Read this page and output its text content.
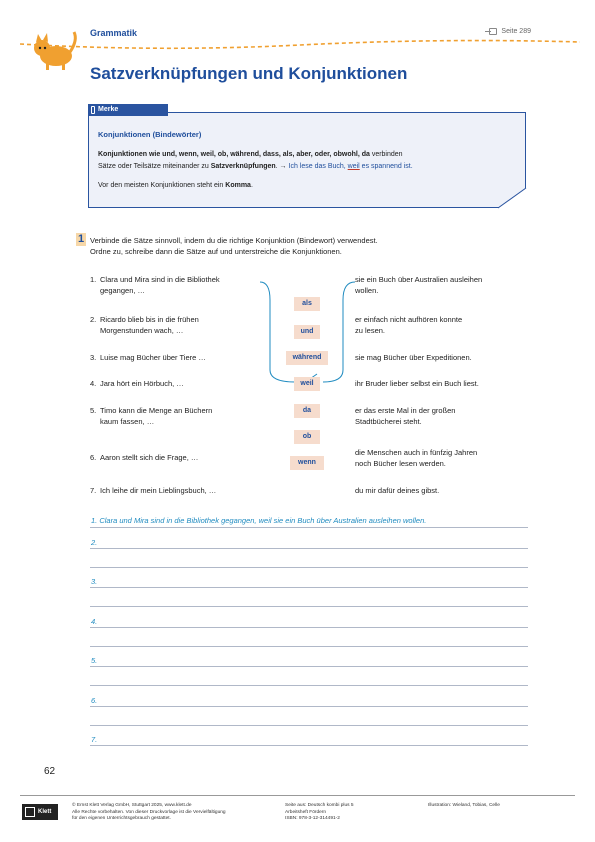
Grammatik	Seite 289
Satzverknüpfungen und Konjunktionen
Merke
Konjunktionen (Bindewörter)
Konjunktionen wie und, wenn, weil, ob, während, dass, als, aber, oder, obwohl, da verbinden
Sätze oder Teilsätze miteinander zu Satzverknüpfungen. → Ich lese das Buch, weil es spannend ist.
Vor den meisten Konjunktionen steht ein Komma.
1 Verbinde die Sätze sinnvoll, indem du die richtige Konjunktion (Bindewort) verwendest.
Ordne zu, schreibe dann die Sätze auf und unterstreiche die Konjunktionen.
1. Clara und Mira sind in die Bibliothek
gegangen, …
2. Ricardo blieb bis in die frühen
Morgenstunden wach, …
3. Luise mag Bücher über Tiere …
4. Jara hört ein Hörbuch, …
5. Timo kann die Menge an Büchern
kaum fassen, …
6. Aaron stellt sich die Frage, …
7. Ich leihe dir mein Lieblingsbuch, …
als
und
während
weil
da
ob
wenn
sie ein Buch über Australien ausleihen
wollen.
er einfach nicht aufhören konnte
zu lesen.
sie mag Bücher über Expeditionen.
ihr Bruder lieber selbst ein Buch liest.
er das erste Mal in der großen
Stadtbücherei steht.
die Menschen auch in fünfzig Jahren
noch Bücher lesen werden.
du mir dafür deines gibst.
1. Clara und Mira sind in die Bibliothek gegangen, weil sie ein Buch über Australien ausleihen wollen.
2.
3.
4.
5.
6.
7.
62
Klett
© Ernst Klett Verlag GmbH, Stuttgart 2025, www.klett.de
Alle Rechte vorbehalten. Von dieser Druckvorlage ist die Vervielfältigung
für den eigenen Unterrichtsgebrauch gestattet.
Seite aus: Deutsch kombi plus 5
Arbeitsheft Fördern
ISBN: 978-3-12-314491-2
Illustration: Wieland, Tobias, Celle
